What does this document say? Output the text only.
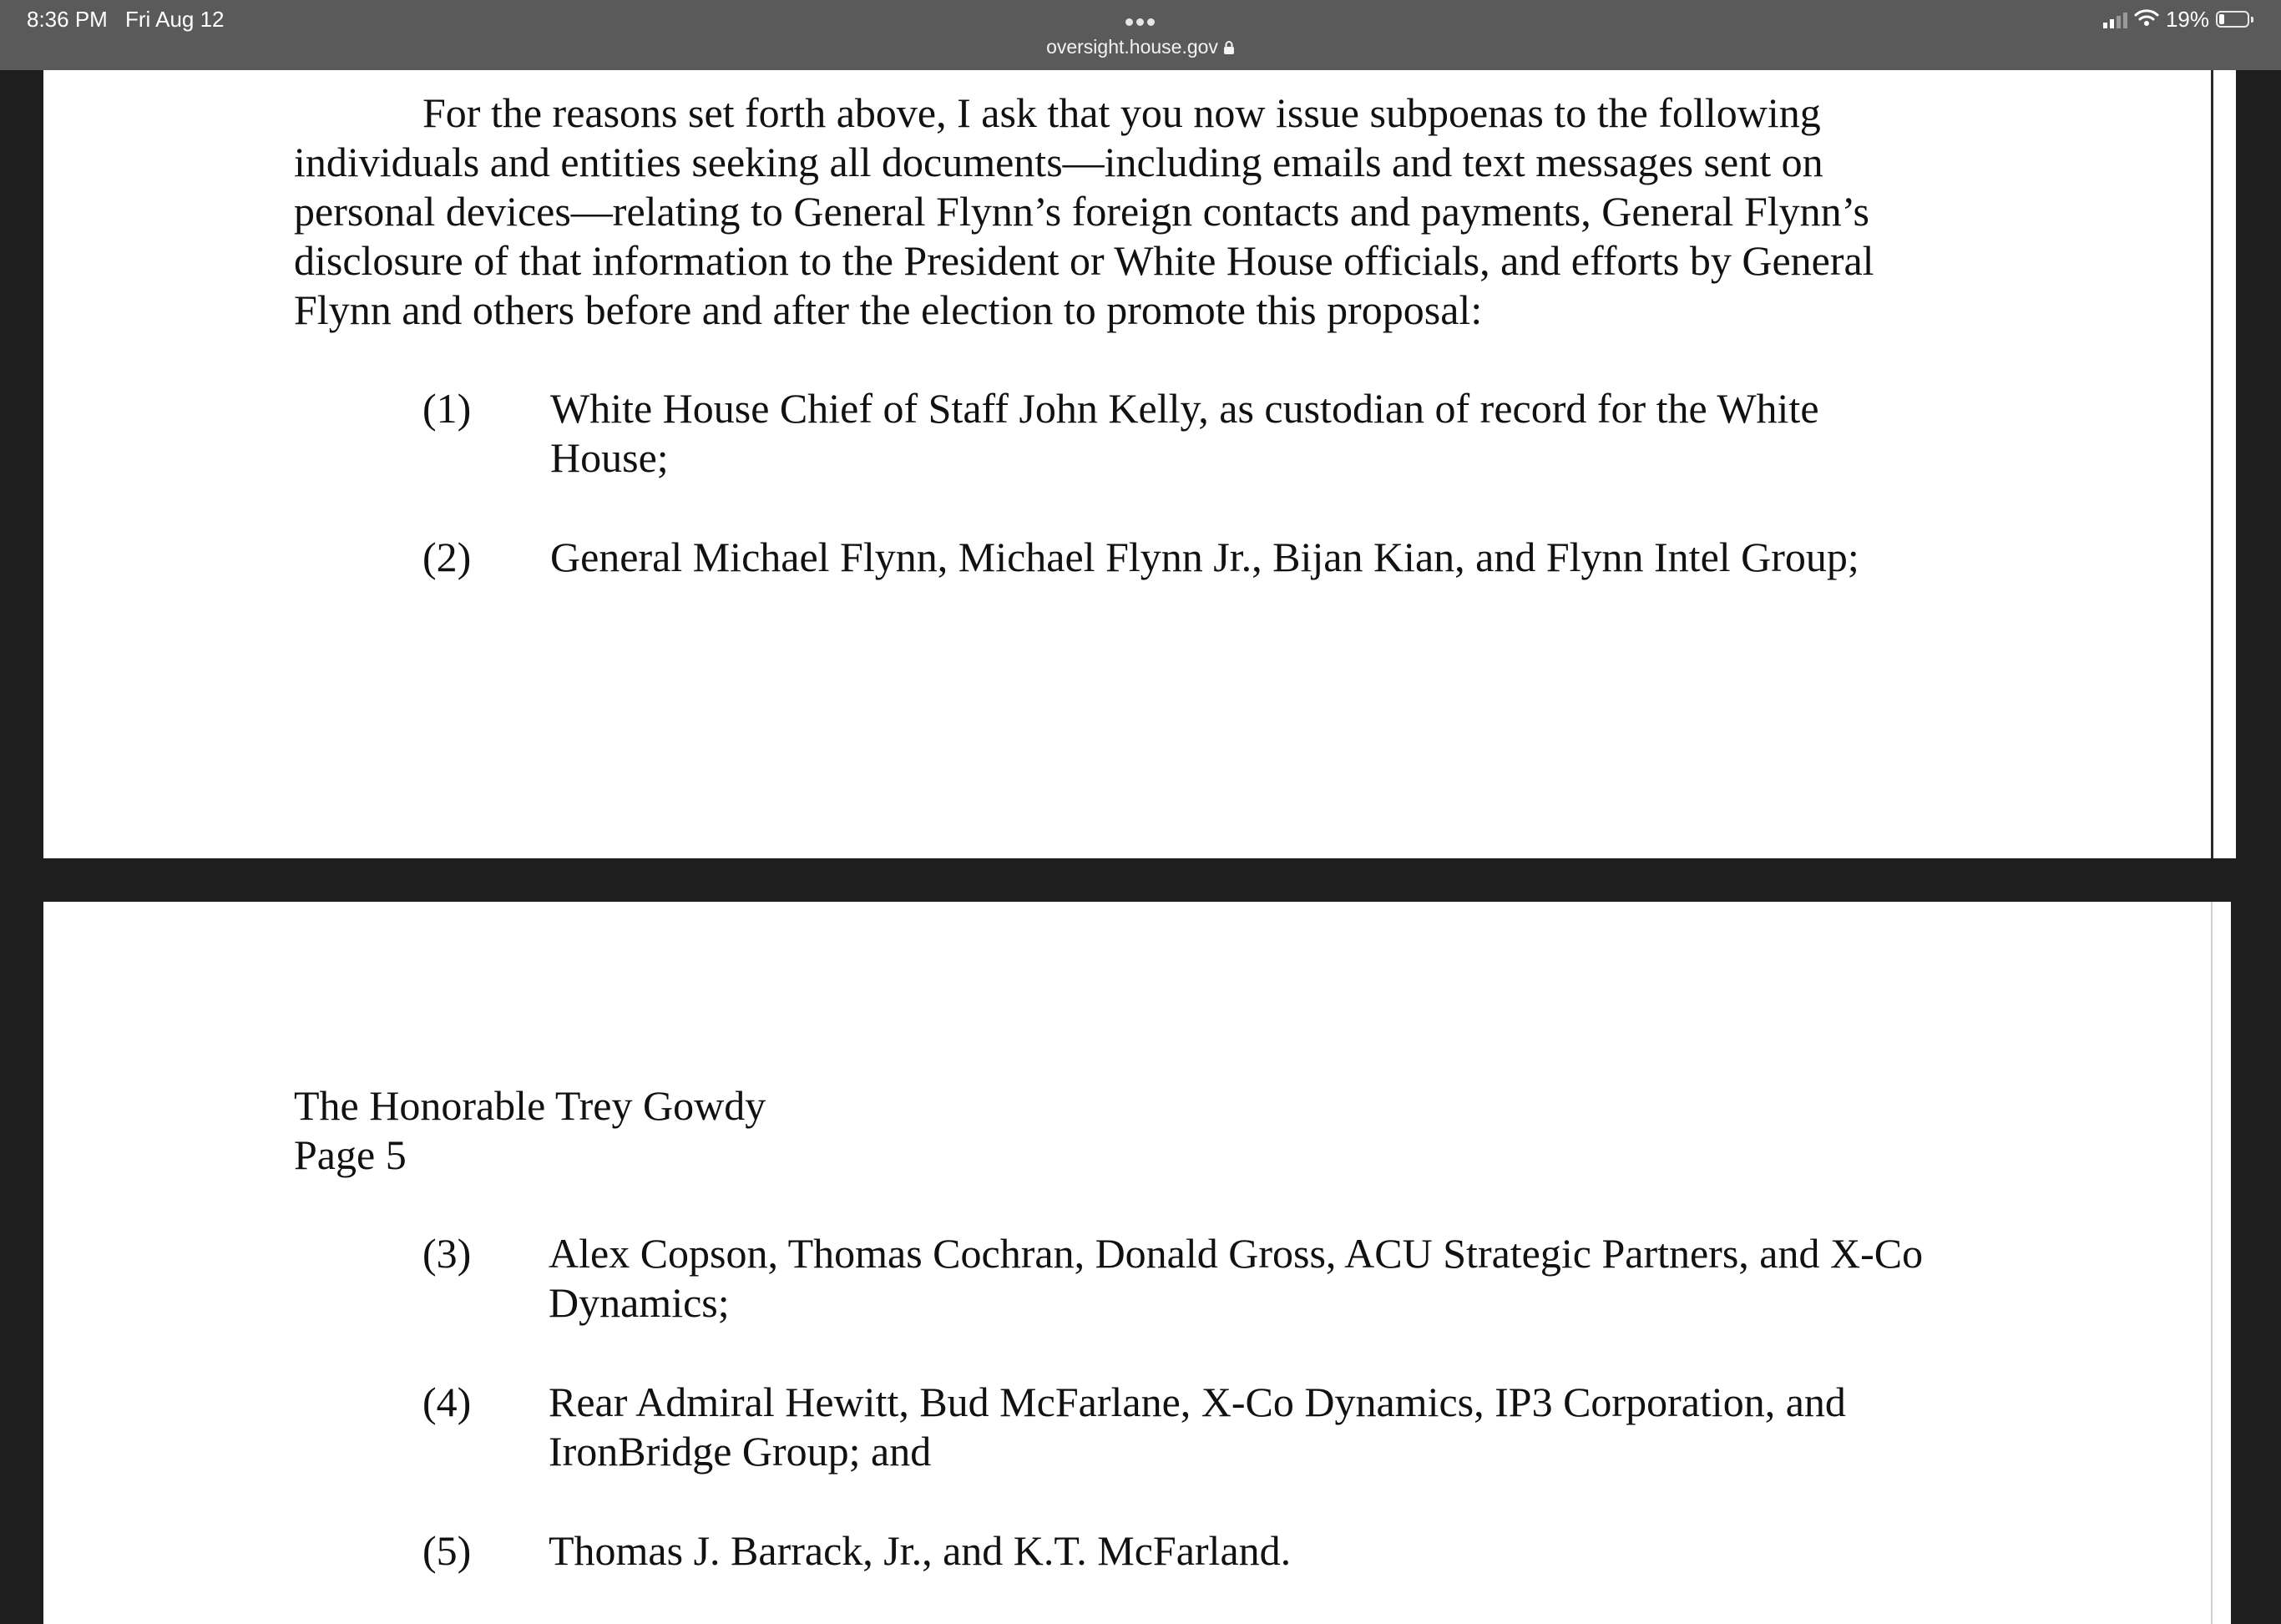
8:36 PM Fri Aug 12
oversight.house.gov
19%
For the reasons set forth above, I ask that you now issue subpoenas to the following
individuals and entities seeking all documents—including emails and text messages sent on
personal devices—relating to General Flynn’s foreign contacts and payments, General Flynn’s
disclosure of that information to the President or White House officials, and efforts by General
Flynn and others before and after the election to promote this proposal:
(1) White House Chief of Staff John Kelly, as custodian of record for the White
House;
(2) General Michael Flynn, Michael Flynn Jr., Bijan Kian, and Flynn Intel Group;
The Honorable Trey Gowdy
Page 5
(3) Alex Copson, Thomas Cochran, Donald Gross, ACU Strategic Partners, and X-Co
Dynamics;
(4) Rear Admiral Hewitt, Bud McFarlane, X-Co Dynamics, IP3 Corporation, and
IronBridge Group; and
(5) Thomas J. Barrack, Jr., and K.T. McFarland.
